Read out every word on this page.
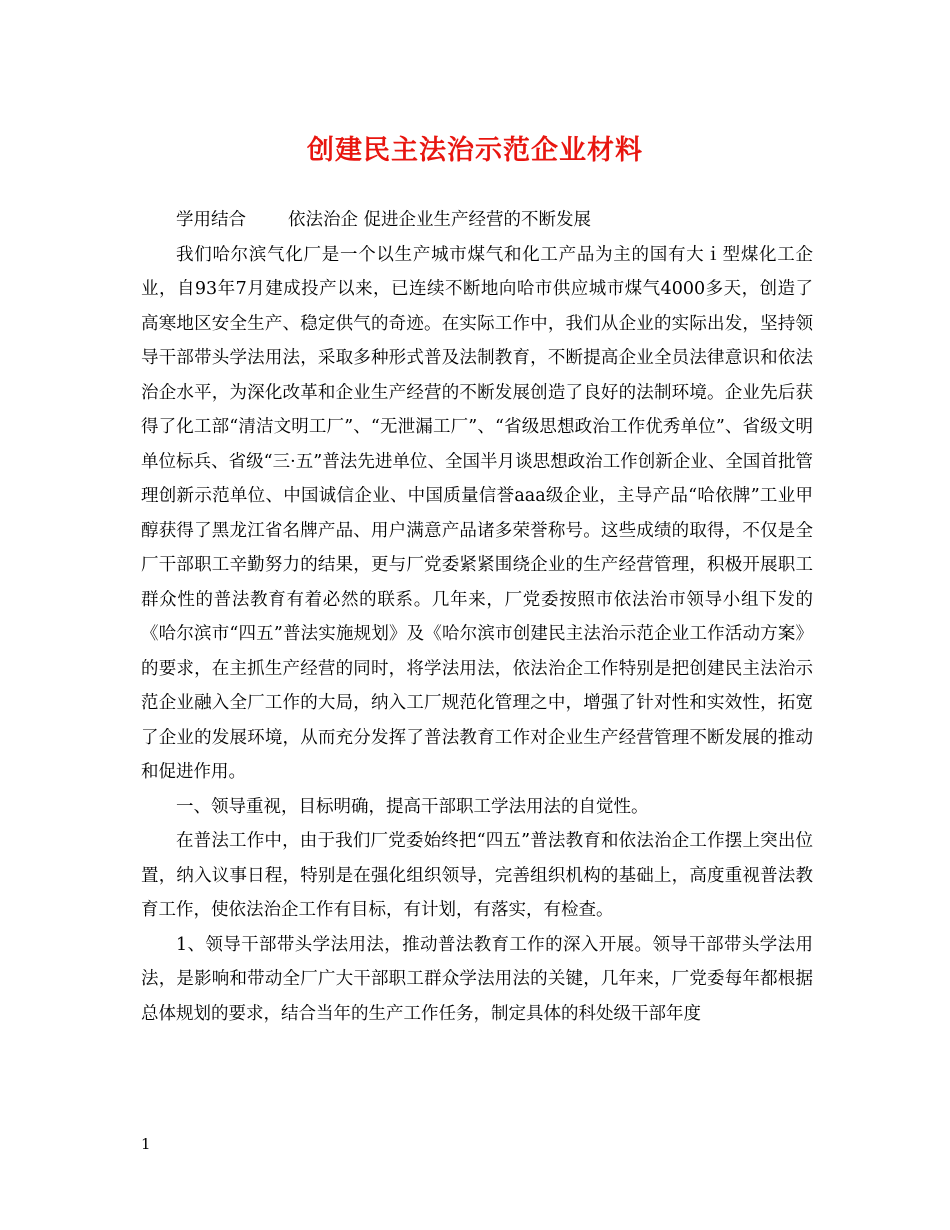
创建民主法治示范企业材料

学用结合 依法治企 促进企业生产经营的不断发展

我们哈尔滨气化厂是一个以生产城市煤气和化工产品为主的国有大ｉ型煤化工企业，自93年7月建成投产以来，已连续不断地向哈市供应城市煤气4000多天，创造了高寒地区安全生产、稳定供气的奇迹。在实际工作中，我们从企业的实际出发，坚持领导干部带头学法用法，采取多种形式普及法制教育，不断提高企业全员法律意识和依法治企水平，为深化改革和企业生产经营的不断发展创造了良好的法制环境。企业先后获得了化工部“清洁文明工厂”、“无泄漏工厂”、“省级思想政治工作优秀单位”、省级文明单位标兵、省级“三·五”普法先进单位、全国半月谈思想政治工作创新企业、全国首批管理创新示范单位、中国诚信企业、中国质量信誉aaa级企业，主导产品“哈依牌”工业甲醇获得了黑龙江省名牌产品、用户满意产品诸多荣誉称号。这些成绩的取得，不仅是全厂干部职工辛勤努力的结果，更与厂党委紧紧围绕企业的生产经营管理，积极开展职工群众性的普法教育有着必然的联系。几年来，厂党委按照市依法治市领导小组下发的《哈尔滨市“四五”普法实施规划》及《哈尔滨市创建民主法治示范企业工作活动方案》的要求，在主抓生产经营的同时，将学法用法，依法治企工作特别是把创建民主法治示范企业融入全厂工作的大局，纳入工厂规范化管理之中，增强了针对性和实效性，拓宽了企业的发展环境，从而充分发挥了普法教育工作对企业生产经营管理不断发展的推动和促进作用。

一、领导重视，目标明确，提高干部职工学法用法的自觉性。

在普法工作中，由于我们厂党委始终把“四五”普法教育和依法治企工作摆上突出位置，纳入议事日程，特别是在强化组织领导，完善组织机构的基础上，高度重视普法教育工作，使依法治企工作有目标，有计划，有落实，有检查。

1、领导干部带头学法用法，推动普法教育工作的深入开展。领导干部带头学法用法，是影响和带动全厂广大干部职工群众学法用法的关键，几年来，厂党委每年都根据总体规划的要求，结合当年的生产工作任务，制定具体的科处级干部年度

1
